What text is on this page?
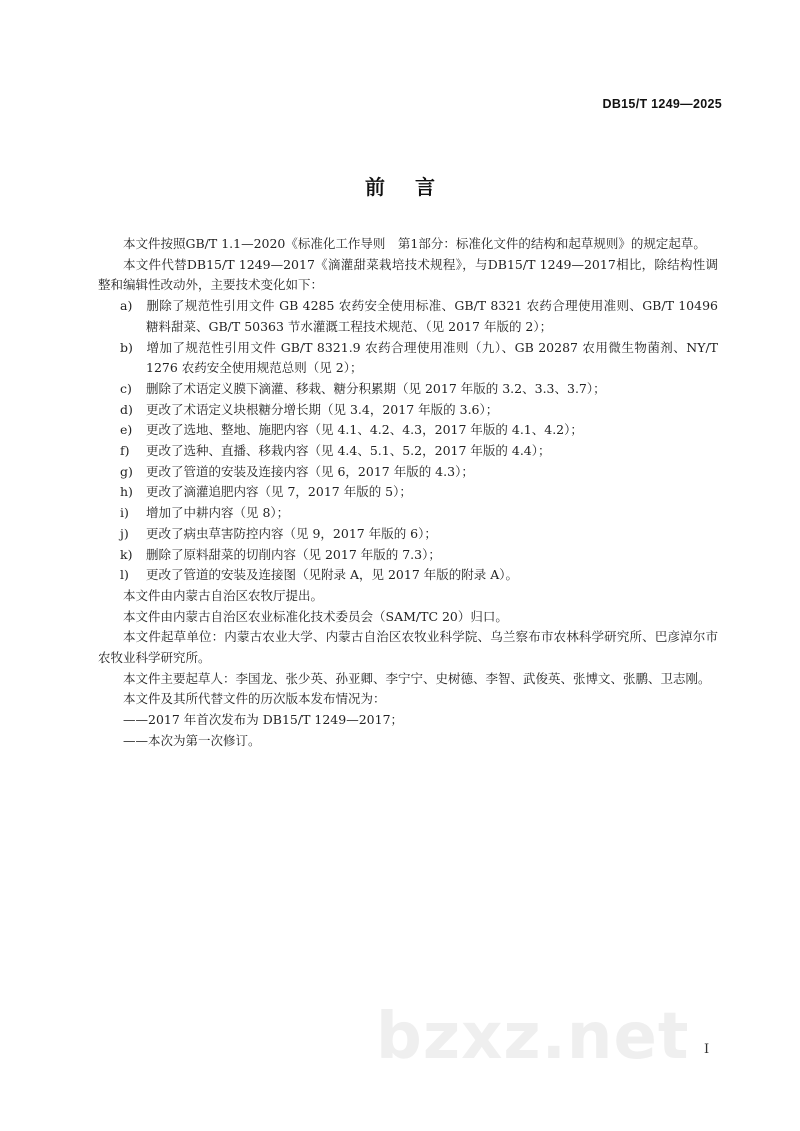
DB15/T 1249—2025
前言

本文件按照GB/T 1.1—2020《标准化工作导则　第1部分：标准化文件的结构和起草规则》的规定起草。

本文件代替DB15/T 1249—2017《滴灌甜菜栽培技术规程》，与DB15/T 1249—2017相比，除结构性调整和编辑性改动外，主要技术变化如下：

a) 删除了规范性引用文件 GB 4285 农药安全使用标准、GB/T 8321 农药合理使用准则、GB/T 10496 糖料甜菜、GB/T 50363 节水灌溉工程技术规范、（见 2017 年版的 2）；

b) 增加了规范性引用文件 GB/T 8321.9 农药合理使用准则（九）、GB 20287 农用微生物菌剂、NY/T 1276 农药安全使用规范总则（见 2）；

c) 删除了术语定义膜下滴灌、移栽、糖分积累期（见 2017 年版的 3.2、3.3、3.7）；

d) 更改了术语定义块根糖分增长期（见 3.4，2017 年版的 3.6）；

e) 更改了选地、整地、施肥内容（见 4.1、4.2、4.3，2017 年版的 4.1、4.2）；

f) 更改了选种、直播、移栽内容（见 4.4、5.1、5.2，2017 年版的 4.4）；

g) 更改了管道的安装及连接内容（见 6，2017 年版的 4.3）；

h) 更改了滴灌追肥内容（见 7，2017 年版的 5）；

i) 增加了中耕内容（见 8）；

j) 更改了病虫草害防控内容（见 9，2017 年版的 6）；

k) 删除了原料甜菜的切削内容（见 2017 年版的 7.3）；

l) 更改了管道的安装及连接图（见附录 A，见 2017 年版的附录 A）。

本文件由内蒙古自治区农牧厅提出。

本文件由内蒙古自治区农业标准化技术委员会（SAM/TC 20）归口。

本文件起草单位：内蒙古农业大学、内蒙古自治区农牧业科学院、乌兰察布市农林科学研究所、巴彦淖尔市农牧业科学研究所。

本文件主要起草人：李国龙、张少英、孙亚卿、李宁宁、史树德、李智、武俊英、张博文、张鹏、卫志刚。

本文件及其所代替文件的历次版本发布情况为：

——2017 年首次发布为 DB15/T 1249—2017；

——本次为第一次修订。

bzxz.net I
